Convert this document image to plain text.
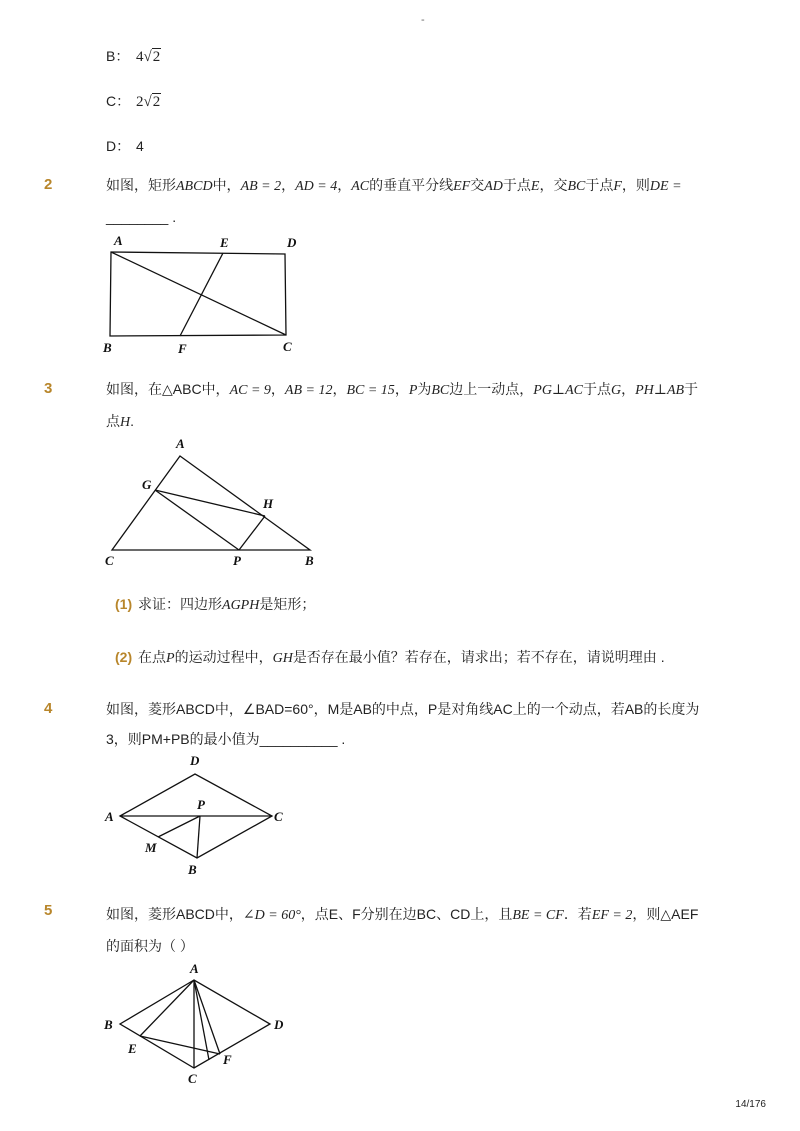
-
B： 4√2
C： 2√2
D： 4
2	如图，矩形ABCD中，AB = 2，AD = 4，AC的垂直平分线EF交AD于点E，交BC于点F，则DE =
________ .
A	E	D
B	F	C
3	如图，在△ABC中，AC = 9，AB = 12，BC = 15，P为BC边上一动点，PG⊥AC于点G，PH⊥AB于
点H.
A
G
H
C	P	B
(1) 求证：四边形AGPH是矩形；
(2) 在点P的运动过程中，GH是否存在最小值？若存在，请求出；若不存在，请说明理由 .
4	如图，菱形ABCD中，∠BAD=60°，M是AB的中点，P是对角线AC上的一个动点，若AB的长度为
3，则PM+PB的最小值为__________ .
D
A
P
C
M
B
5	如图，菱形ABCD中，∠D = 60°，点E、F分别在边BC、CD上，且BE = CF．若EF = 2，则△AEF
的面积为（ ）
A
B	D
E
F
C
14/176
